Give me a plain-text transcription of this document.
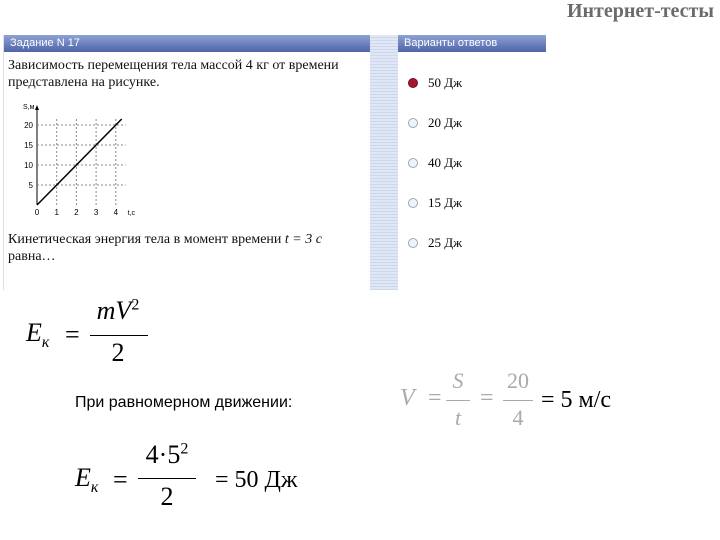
Интернет-тесты
Задание N 17
Зависимость перемещения тела массой 4 кг от времени
представлена на рисунке.
5
10
15
20
0 1 2 3 4
S,м
t,c
Кинетическая энергия тела в момент времени t = 3 с
равна…
Варианты ответов
50 Дж
20 Дж
40 Дж
15 Дж
25 Дж
$E_к$ =
$mV^2$
2
При равномерном движении:	V =
S
t
=
20
4
= 5 м/с
$E_к$ =
$4\cdot 5^2$
2
= 50 Дж
